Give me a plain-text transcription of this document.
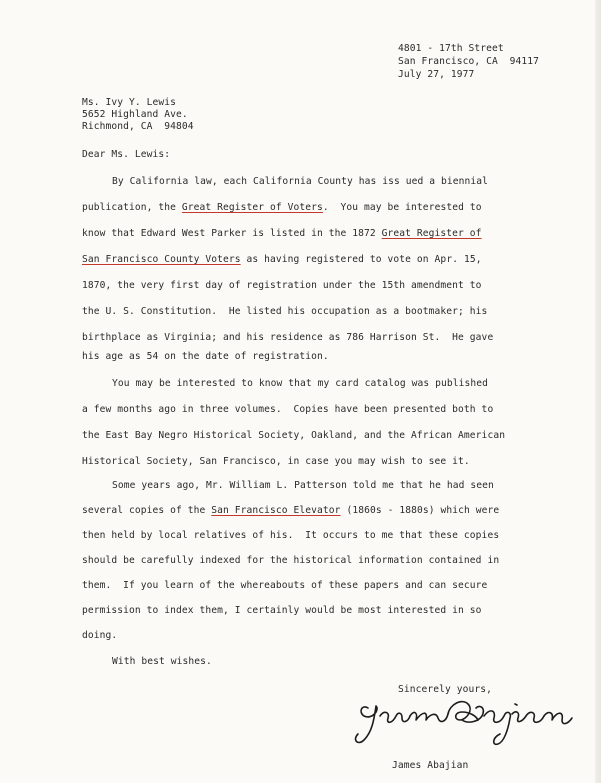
4801 - 17th Street
San Francisco, CA  94117
July 27, 1977
Ms. Ivy Y. Lewis
5652 Highland Ave.
Richmond, CA  94804
Dear Ms. Lewis:
By California law, each California County has iss ued a biennial
publication, the Great Register of Voters.  You may be interested to
know that Edward West Parker is listed in the 1872 Great Register of
San Francisco County Voters as having registered to vote on Apr. 15,
1870, the very first day of registration under the 15th amendment to
the U. S. Constitution.  He listed his occupation as a bootmaker; his
birthplace as Virginia; and his residence as 786 Harrison St.  He gave
his age as 54 on the date of registration.
You may be interested to know that my card catalog was published
a few months ago in three volumes.  Copies have been presented both to
the East Bay Negro Historical Society, Oakland, and the African American
Historical Society, San Francisco, in case you may wish to see it.
Some years ago, Mr. William L. Patterson told me that he had seen
several copies of the San Francisco Elevator (1860s - 1880s) which were
then held by local relatives of his.  It occurs to me that these copies
should be carefully indexed for the historical information contained in
them.  If you learn of the whereabouts of these papers and can secure
permission to index them, I certainly would be most interested in so
doing.
With best wishes.
Sincerely yours,
James Abajian
